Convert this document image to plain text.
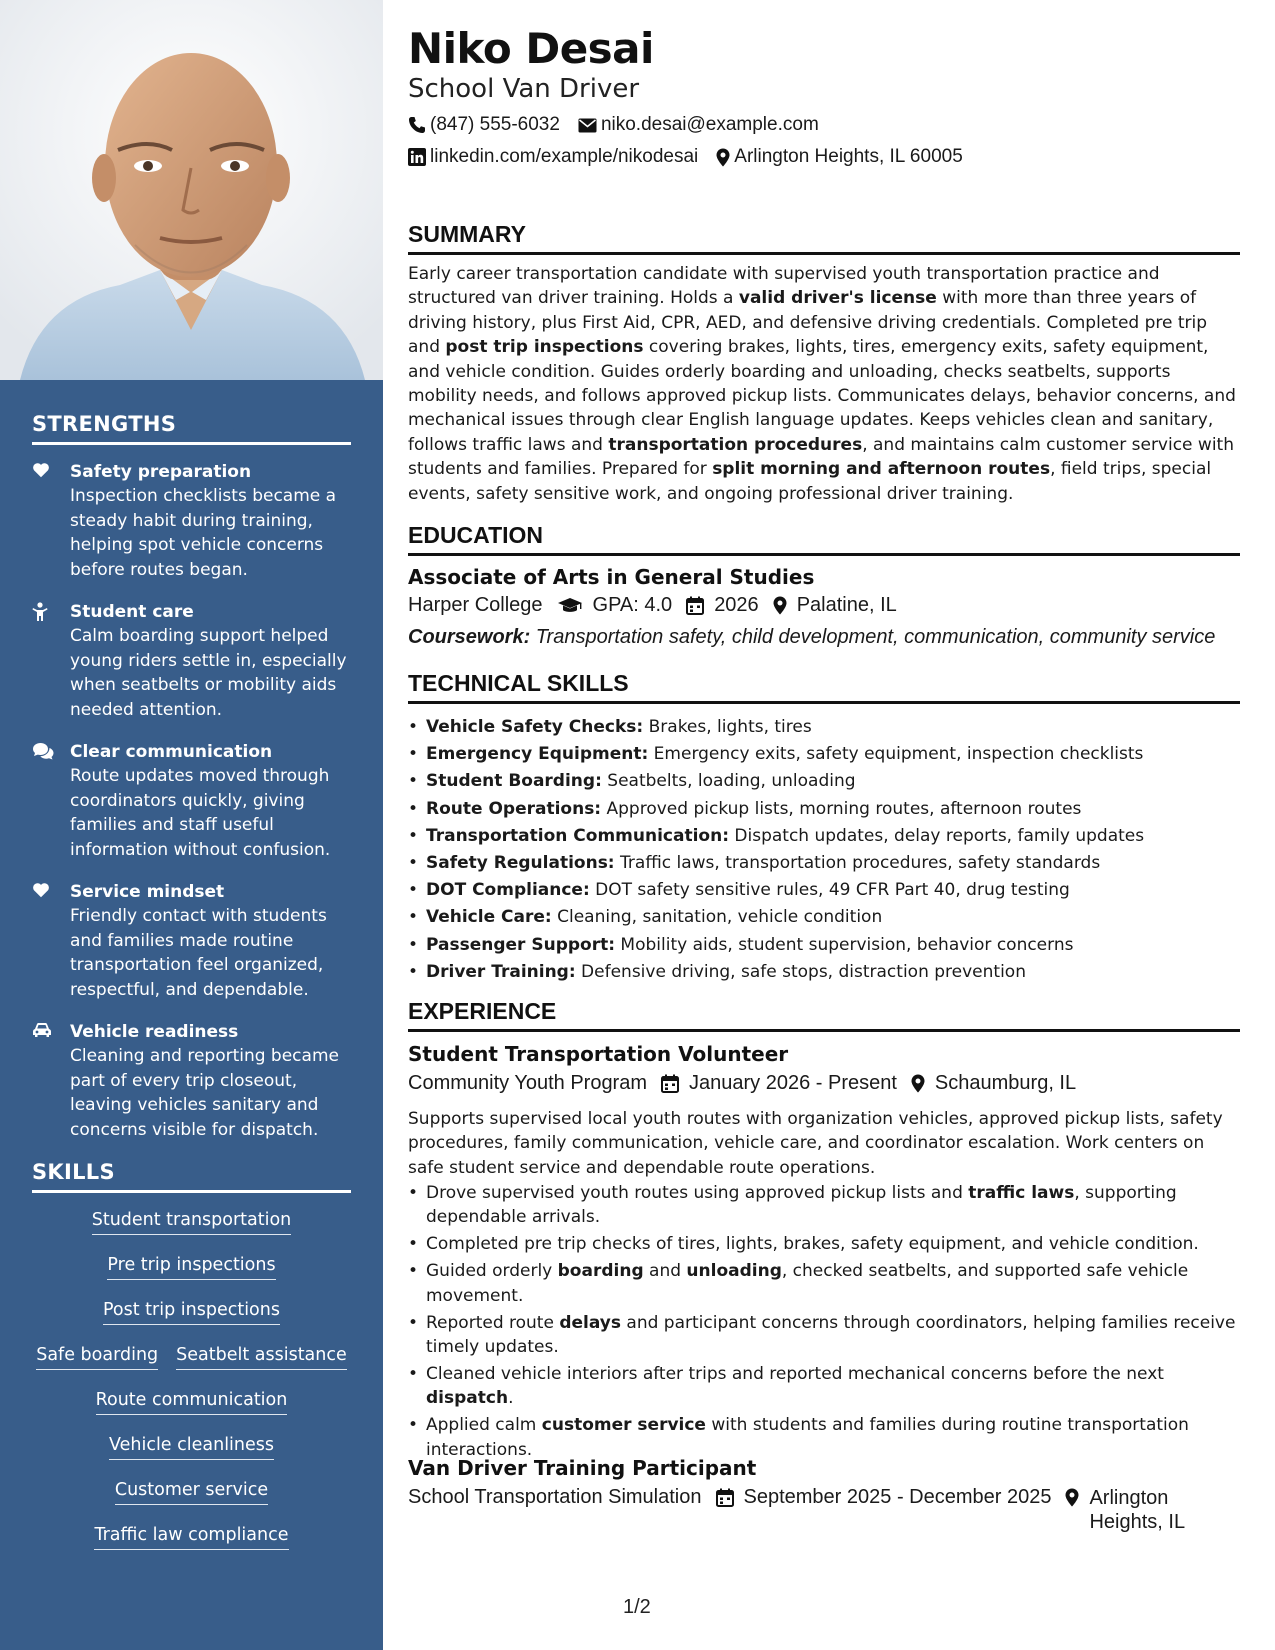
STRENGTHS
Safety preparation
Inspection checklists became a steady habit during training, helping spot vehicle concerns before routes began.
Student care
Calm boarding support helped young riders settle in, especially when seatbelts or mobility aids needed attention.
Clear communication
Route updates moved through coordinators quickly, giving families and staff useful information without confusion.
Service mindset
Friendly contact with students and families made routine transportation feel organized, respectful, and dependable.
Vehicle readiness
Cleaning and reporting became part of every trip closeout, leaving vehicles sanitary and concerns visible for dispatch.
SKILLS
Student transportation
Pre trip inspections
Post trip inspections
Safe boarding Seatbelt assistance
Route communication
Vehicle cleanliness
Customer service
Traffic law compliance
Niko Desai
School Van Driver
(847) 555-6032 niko.desai@example.com
linkedin.com/example/nikodesai Arlington Heights, IL 60005
SUMMARY
Early career transportation candidate with supervised youth transportation practice and structured van driver training. Holds a valid driver's license with more than three years of driving history, plus First Aid, CPR, AED, and defensive driving credentials. Completed pre trip and post trip inspections covering brakes, lights, tires, emergency exits, safety equipment, and vehicle condition. Guides orderly boarding and unloading, checks seatbelts, supports mobility needs, and follows approved pickup lists. Communicates delays, behavior concerns, and mechanical issues through clear English language updates. Keeps vehicles clean and sanitary, follows traffic laws and transportation procedures, and maintains calm customer service with students and families. Prepared for split morning and afternoon routes, field trips, special events, safety sensitive work, and ongoing professional driver training.
EDUCATION
Associate of Arts in General Studies
Harper College	GPA: 4.0 2026 Palatine, IL
Coursework: Transportation safety, child development, communication, community service
TECHNICAL SKILLS
• Vehicle Safety Checks: Brakes, lights, tires
• Emergency Equipment: Emergency exits, safety equipment, inspection checklists
• Student Boarding: Seatbelts, loading, unloading
• Route Operations: Approved pickup lists, morning routes, afternoon routes
• Transportation Communication: Dispatch updates, delay reports, family updates
• Safety Regulations: Traffic laws, transportation procedures, safety standards
• DOT Compliance: DOT safety sensitive rules, 49 CFR Part 40, drug testing
• Vehicle Care: Cleaning, sanitation, vehicle condition
• Passenger Support: Mobility aids, student supervision, behavior concerns
• Driver Training: Defensive driving, safe stops, distraction prevention
EXPERIENCE
Student Transportation Volunteer
Community Youth Program January 2026 - Present Schaumburg, IL
Supports supervised local youth routes with organization vehicles, approved pickup lists, safety procedures, family communication, vehicle care, and coordinator escalation. Work centers on safe student service and dependable route operations.
• Drove supervised youth routes using approved pickup lists and traffic laws, supporting dependable arrivals.
• Completed pre trip checks of tires, lights, brakes, safety equipment, and vehicle condition.
• Guided orderly boarding and unloading, checked seatbelts, and supported safe vehicle movement.
• Reported route delays and participant concerns through coordinators, helping families receive timely updates.
• Cleaned vehicle interiors after trips and reported mechanical concerns before the next dispatch.
• Applied calm customer service with students and families during routine transportation interactions.
Van Driver Training Participant
School Transportation Simulation September 2025 - December 2025 Arlington Heights, IL
1/2
